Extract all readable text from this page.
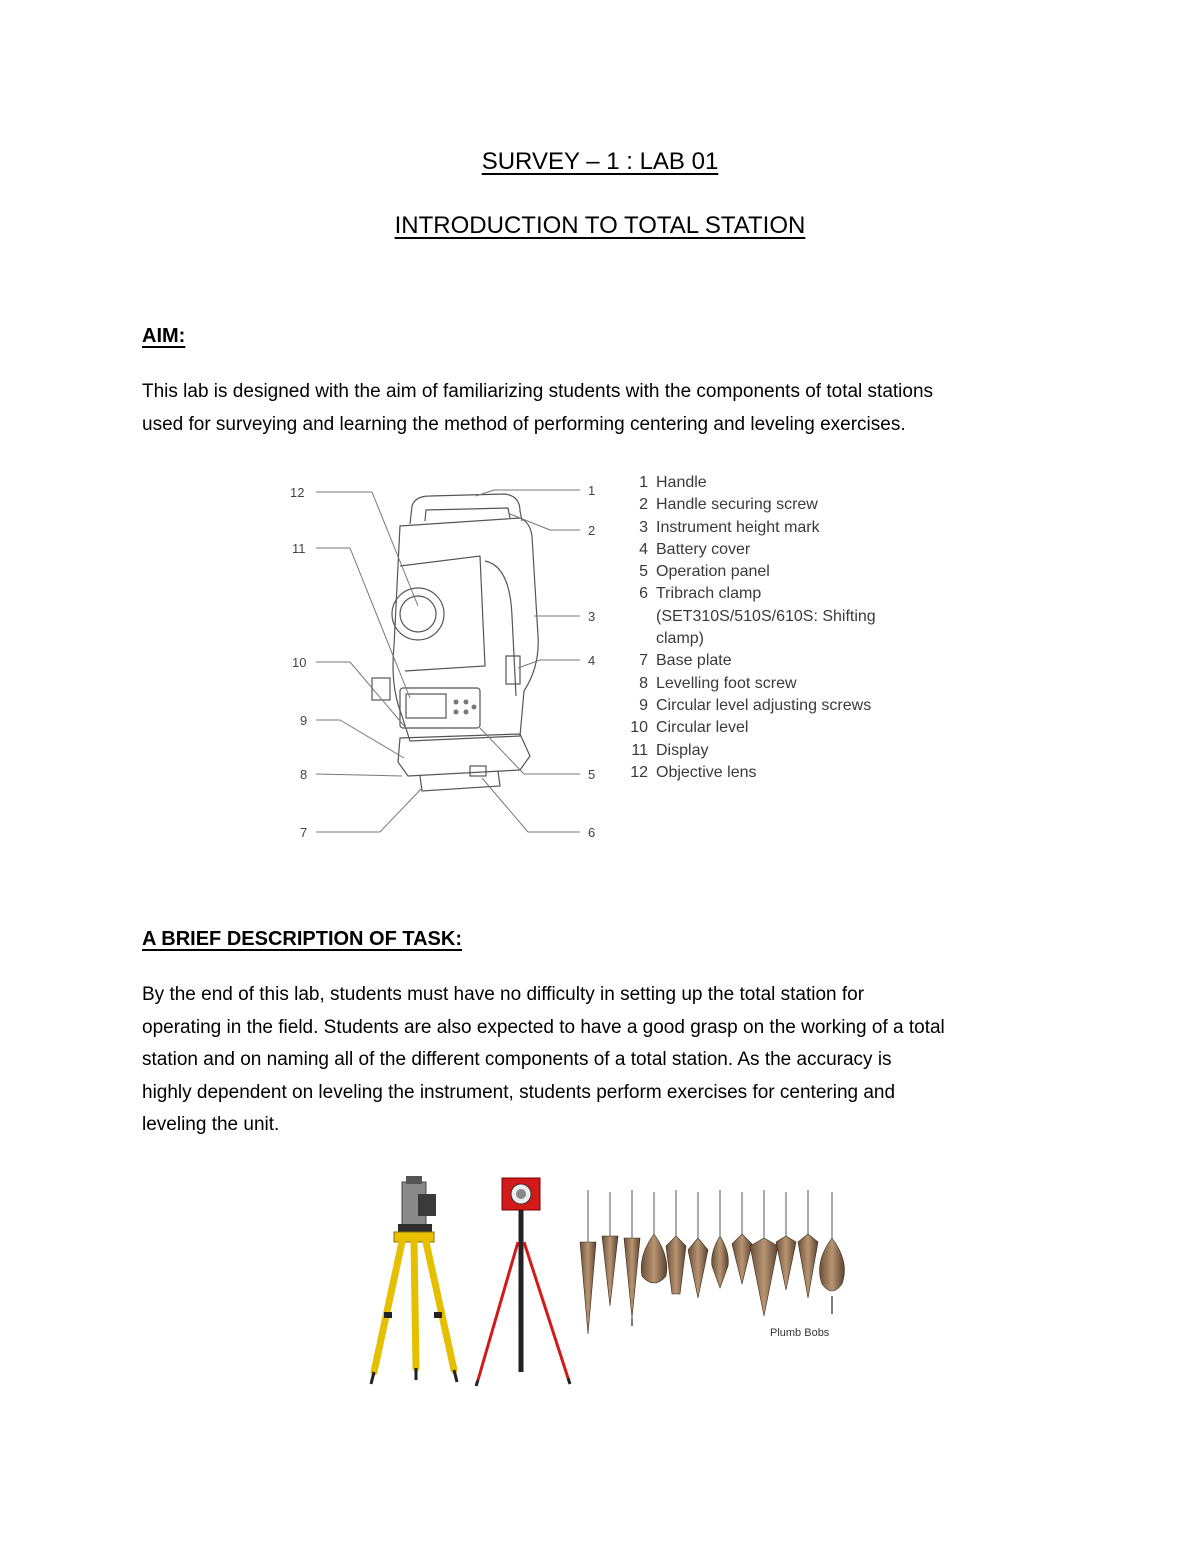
SURVEY – 1 : LAB 01
INTRODUCTION TO TOTAL STATION
AIM:
This lab is designed with the aim of familiarizing students with the components of total stations
used for surveying and learning the method of performing centering and leveling exercises.
12
11
10
9
8
7
1
2
3
4
5
6
1 Handle
2 Handle securing screw
3 Instrument height mark
4 Battery cover
5 Operation panel
6 Tribrach clamp
(SET310S/510S/610S: Shifting
clamp)
7 Base plate
8 Levelling foot screw
9 Circular level adjusting screws
10 Circular level
11 Display
12 Objective lens
A BRIEF DESCRIPTION OF TASK:
By the end of this lab, students must have no difficulty in setting up the total station for
operating in the field. Students are also expected to have a good grasp on the working of a total
station and on naming all of the different components of a total station. As the accuracy is
highly dependent on leveling the instrument, students perform exercises for centering and
leveling the unit.
Plumb Bobs
